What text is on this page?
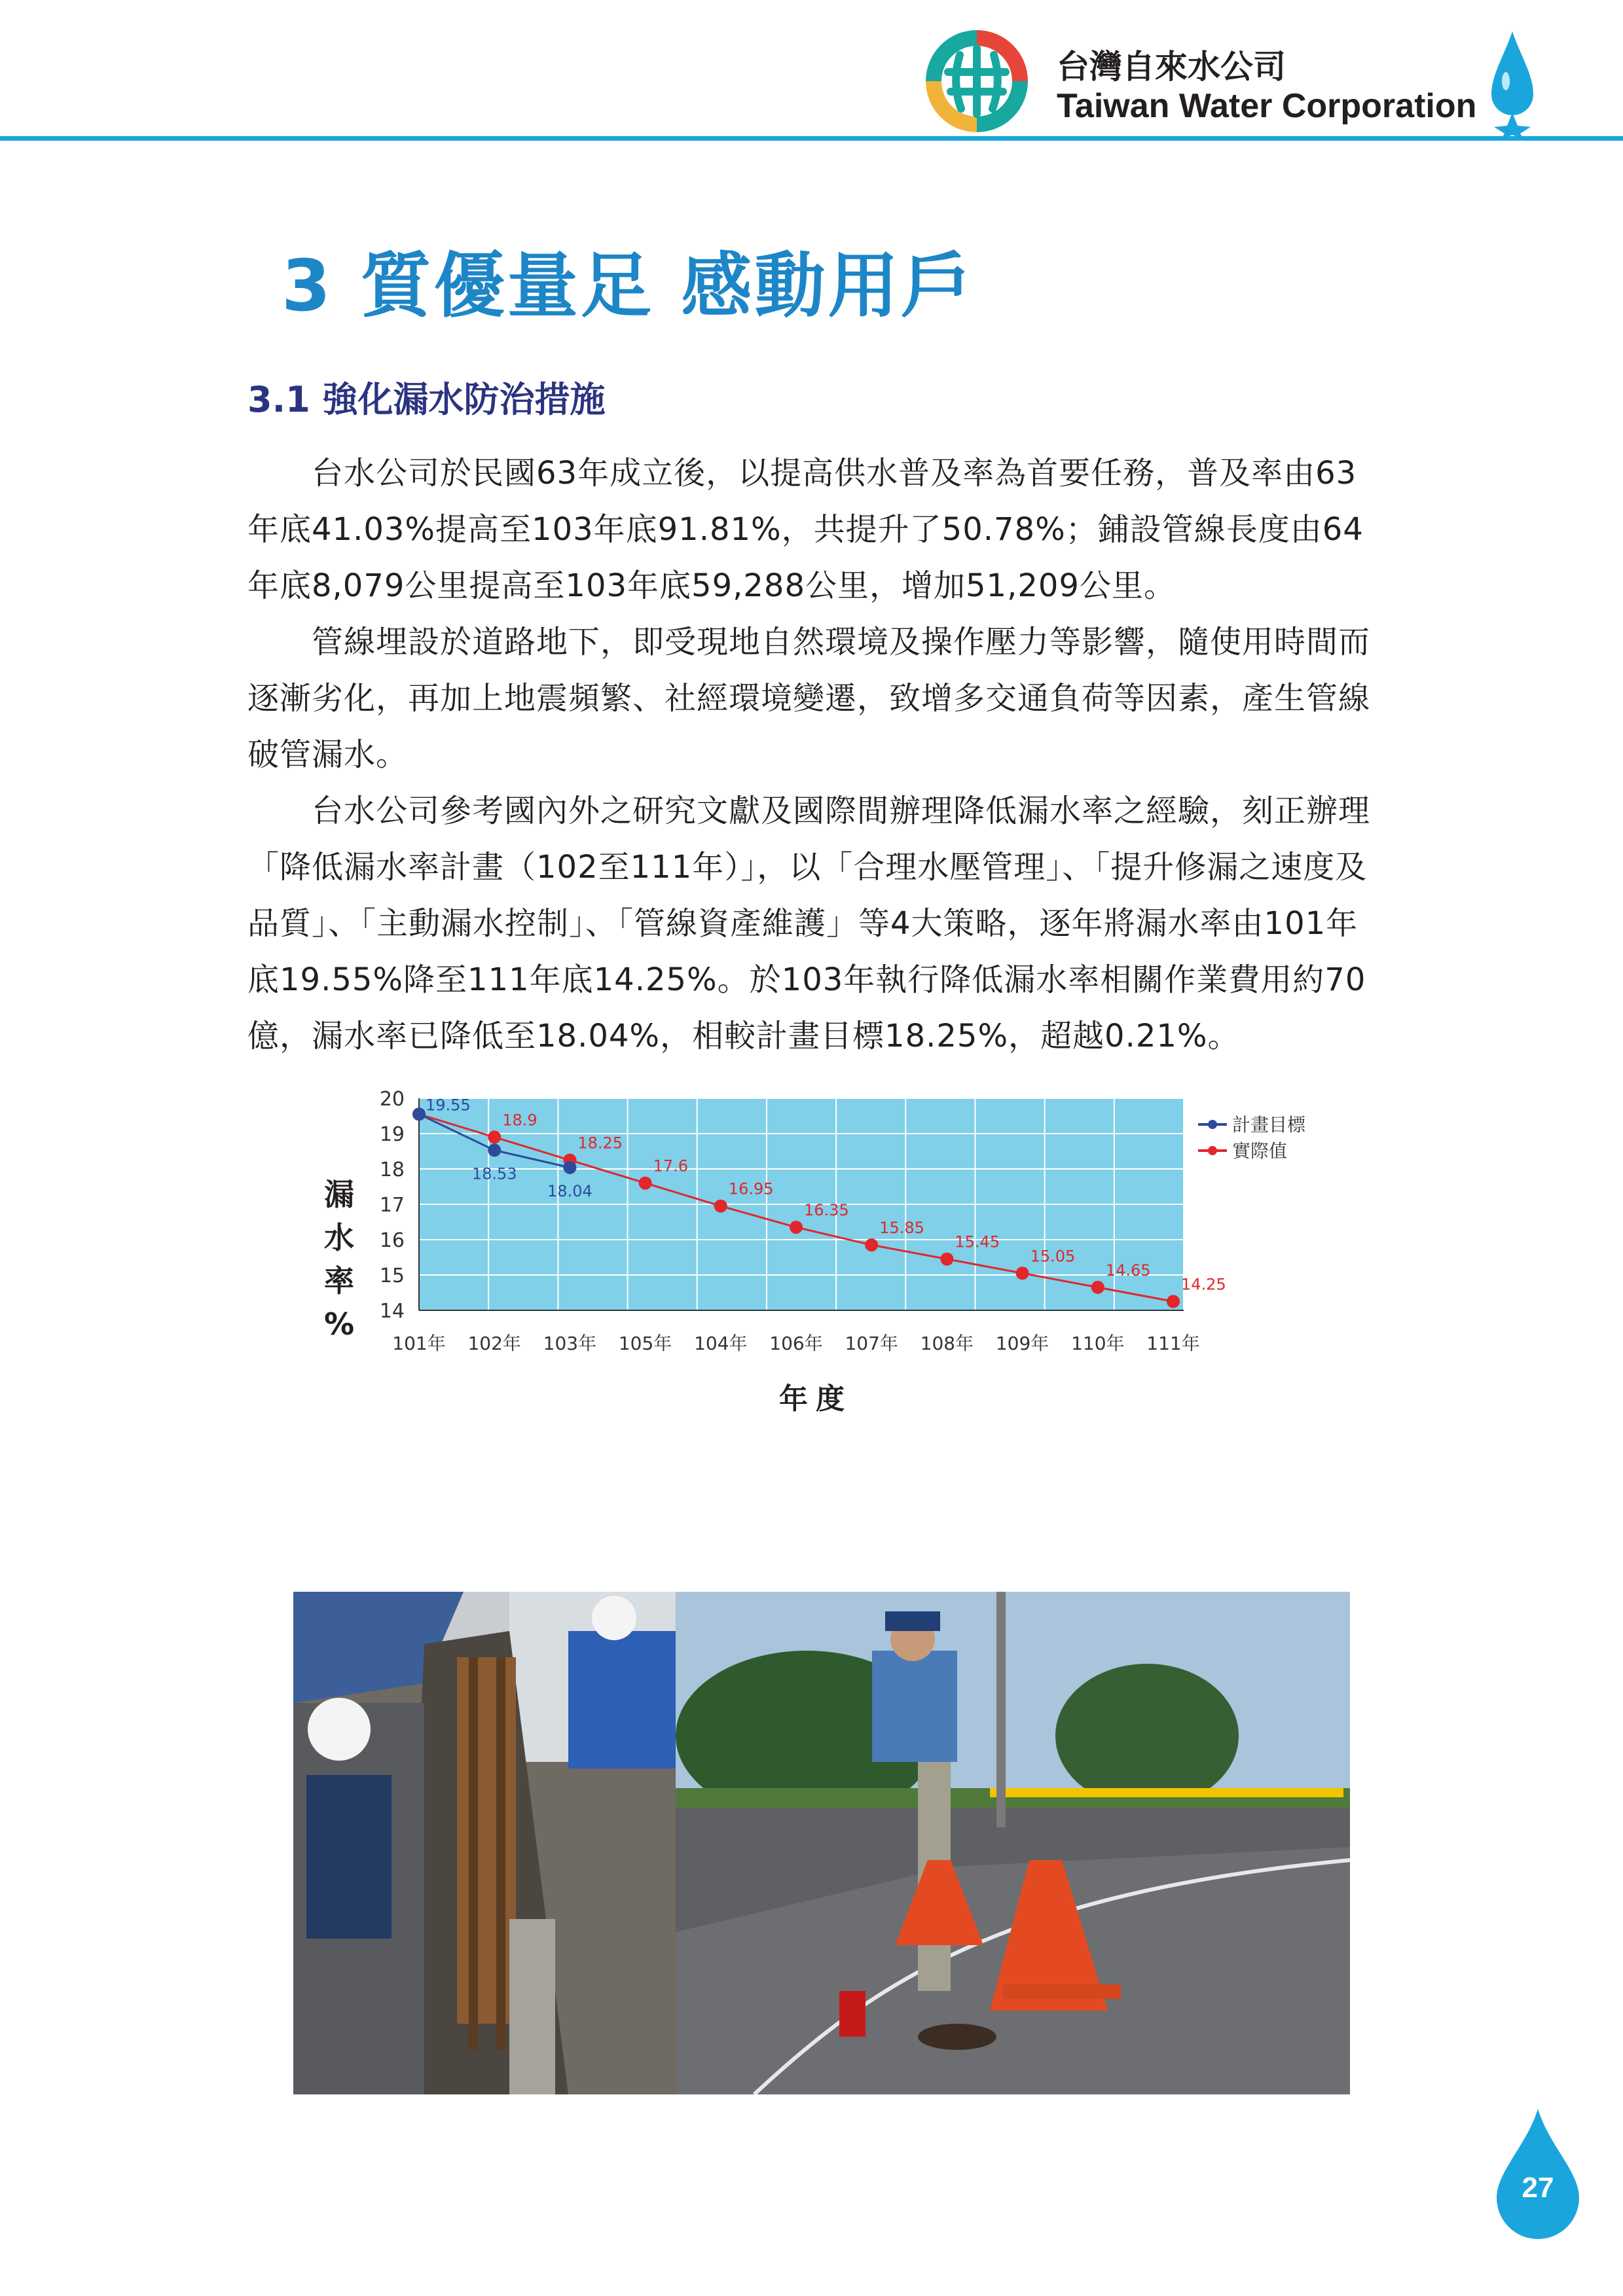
台灣自來水公司
Taiwan Water Corporation
3 質優量足 感動用戶
3.1 強化漏水防治措施

台水公司於民國63年成立後，以提高供水普及率為首要任務，普及率由63年底41.03%提高至103年底91.81%，共提升了50.78%；鋪設管線長度由64年底8,079公里提高至103年底59,288公里，增加51,209公里。

管線埋設於道路地下，即受現地自然環境及操作壓力等影響，隨使用時間而逐漸劣化，再加上地震頻繁、社經環境變遷，致增多交通負荷等因素，產生管線破管漏水。

台水公司參考國內外之研究文獻及國際間辦理降低漏水率之經驗，刻正辦理「降低漏水率計畫（102至111年）」，以「合理水壓管理」、「提升修漏之速度及品質」、「主動漏水控制」、「管線資產維護」等4大策略，逐年將漏水率由101年底19.55%降至111年底14.25%。於103年執行降低漏水率相關作業費用約70億，漏水率已降低至18.04%，相較計畫目標18.25%，超越0.21%。

14
15
16
17
18
19
20
101年 102年 103年 105年 104年 106年 107年 108年 109年 110年 111年
年度
漏水率%
18.9
18.25
17.6
16.95
16.35
15.85
15.45
15.05
14.65
14.25
19.55
18.53
18.04
計畫目標
實際值
27
